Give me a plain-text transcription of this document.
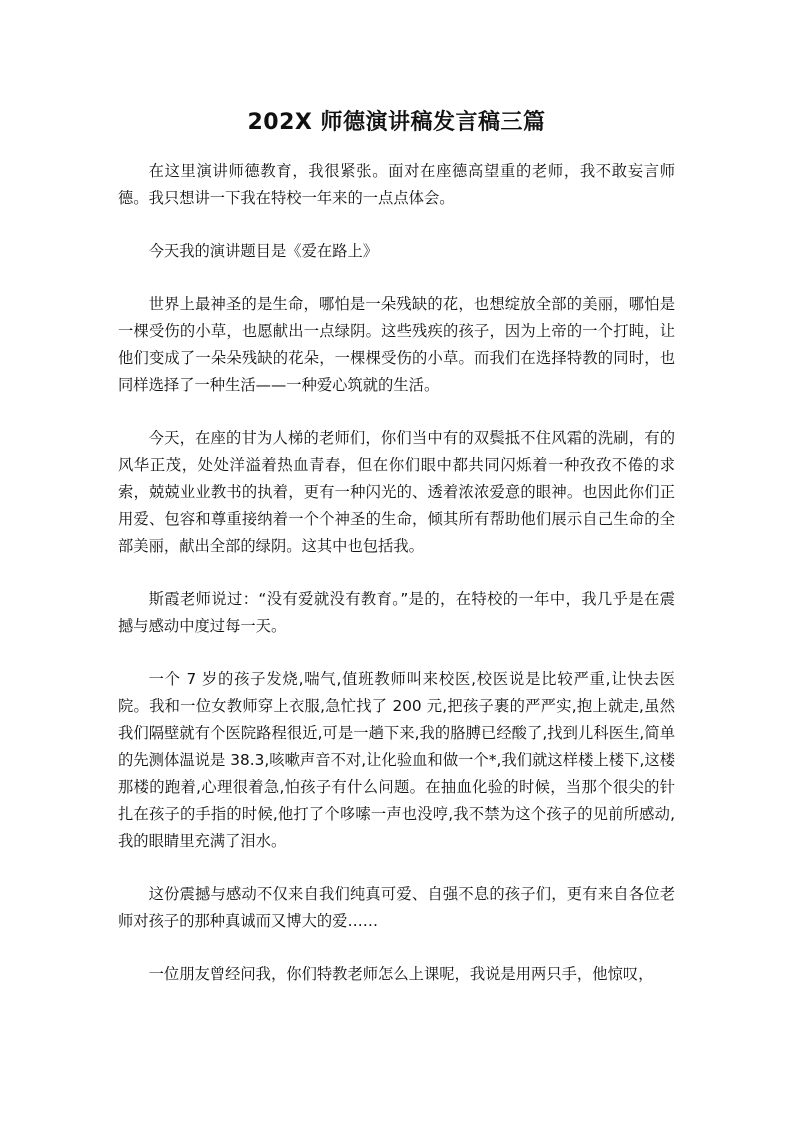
202X 师德演讲稿发言稿三篇

在这里演讲师德教育，我很紧张。面对在座德高望重的老师，我不敢妄言师德。我只想讲一下我在特校一年来的一点点体会。

今天我的演讲题目是《爱在路上》

世界上最神圣的是生命，哪怕是一朵残缺的花，也想绽放全部的美丽，哪怕是一棵受伤的小草，也愿献出一点绿阴。这些残疾的孩子，因为上帝的一个打盹，让他们变成了一朵朵残缺的花朵，一棵棵受伤的小草。而我们在选择特教的同时，也同样选择了一种生活——一种爱心筑就的生活。

今天，在座的甘为人梯的老师们，你们当中有的双鬓抵不住风霜的洗刷，有的风华正茂，处处洋溢着热血青春，但在你们眼中都共同闪烁着一种孜孜不倦的求索，兢兢业业教书的执着，更有一种闪光的、透着浓浓爱意的眼神。也因此你们正用爱、包容和尊重接纳着一个个神圣的生命，倾其所有帮助他们展示自己生命的全部美丽，献出全部的绿阴。这其中也包括我。

斯霞老师说过：“没有爱就没有教育。”是的，在特校的一年中，我几乎是在震撼与感动中度过每一天。

一个 7 岁的孩子发烧,喘气,值班教师叫来校医,校医说是比较严重,让快去医院。我和一位女教师穿上衣服,急忙找了 200 元,把孩子裹的严严实,抱上就走,虽然我们隔壁就有个医院路程很近,可是一趟下来,我的胳膊已经酸了,找到儿科医生,简单的先测体温说是 38.3,咳嗽声音不对,让化验血和做一个*,我们就这样楼上楼下,这楼那楼的跑着,心理很着急,怕孩子有什么问题。在抽血化验的时候，当那个很尖的针扎在孩子的手指的时候,他打了个哆嗦一声也没哼,我不禁为这个孩子的见前所感动,我的眼睛里充满了泪水。

这份震撼与感动不仅来自我们纯真可爱、自强不息的孩子们，更有来自各位老师对孩子的那种真诚而又博大的爱……

一位朋友曾经问我，你们特教老师怎么上课呢，我说是用两只手，他惊叹，
